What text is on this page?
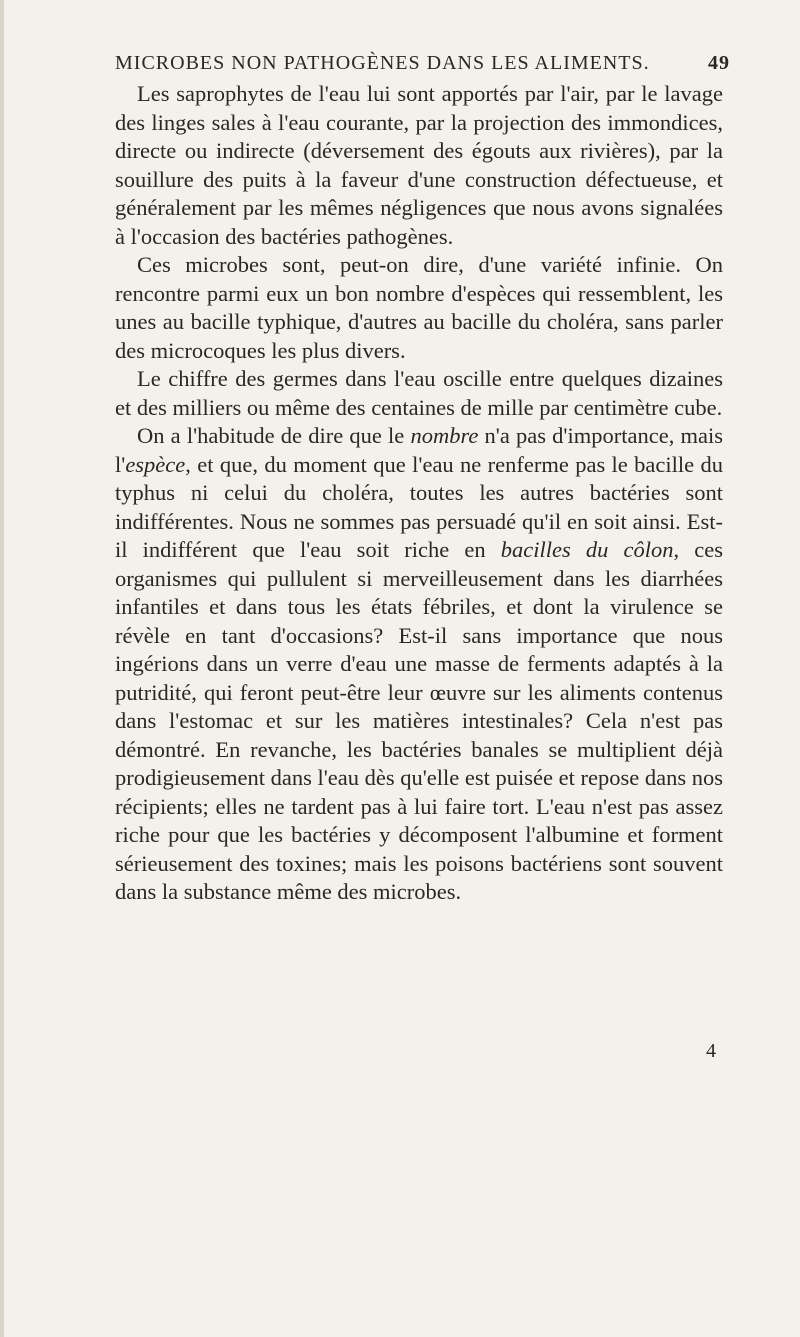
MICROBES NON PATHOGÈNES DANS LES ALIMENTS.	49

Les saprophytes de l'eau lui sont apportés par l'air, par le lavage des linges sales à l'eau courante, par la projection des immondices, directe ou indirecte (déversement des égouts aux rivières), par la souillure des puits à la faveur d'une construction défectueuse, et généralement par les mêmes négligences que nous avons signalées à l'occasion des bactéries pathogènes.

Ces microbes sont, peut-on dire, d'une variété infinie. On rencontre parmi eux un bon nombre d'espèces qui ressemblent, les unes au bacille typhique, d'autres au bacille du choléra, sans parler des microcoques les plus divers.

Le chiffre des germes dans l'eau oscille entre quelques dizaines et des milliers ou même des centaines de mille par centimètre cube.

On a l'habitude de dire que le nombre n'a pas d'importance, mais l'espèce, et que, du moment que l'eau ne renferme pas le bacille du typhus ni celui du choléra, toutes les autres bactéries sont indifférentes. Nous ne sommes pas persuadé qu'il en soit ainsi. Est-il indifférent que l'eau soit riche en bacilles du côlon, ces organismes qui pullulent si merveilleusement dans les diarrhées infantiles et dans tous les états fébriles, et dont la virulence se révèle en tant d'occasions? Est-il sans importance que nous ingérions dans un verre d'eau une masse de ferments adaptés à la putridité, qui feront peut-être leur œuvre sur les aliments contenus dans l'estomac et sur les matières intestinales? Cela n'est pas démontré. En revanche, les bactéries banales se multiplient déjà prodigieusement dans l'eau dès qu'elle est puisée et repose dans nos récipients; elles ne tardent pas à lui faire tort. L'eau n'est pas assez riche pour que les bactéries y décomposent l'albumine et forment sérieusement des toxines; mais les poisons bactériens sont souvent dans la substance même des microbes.

4
